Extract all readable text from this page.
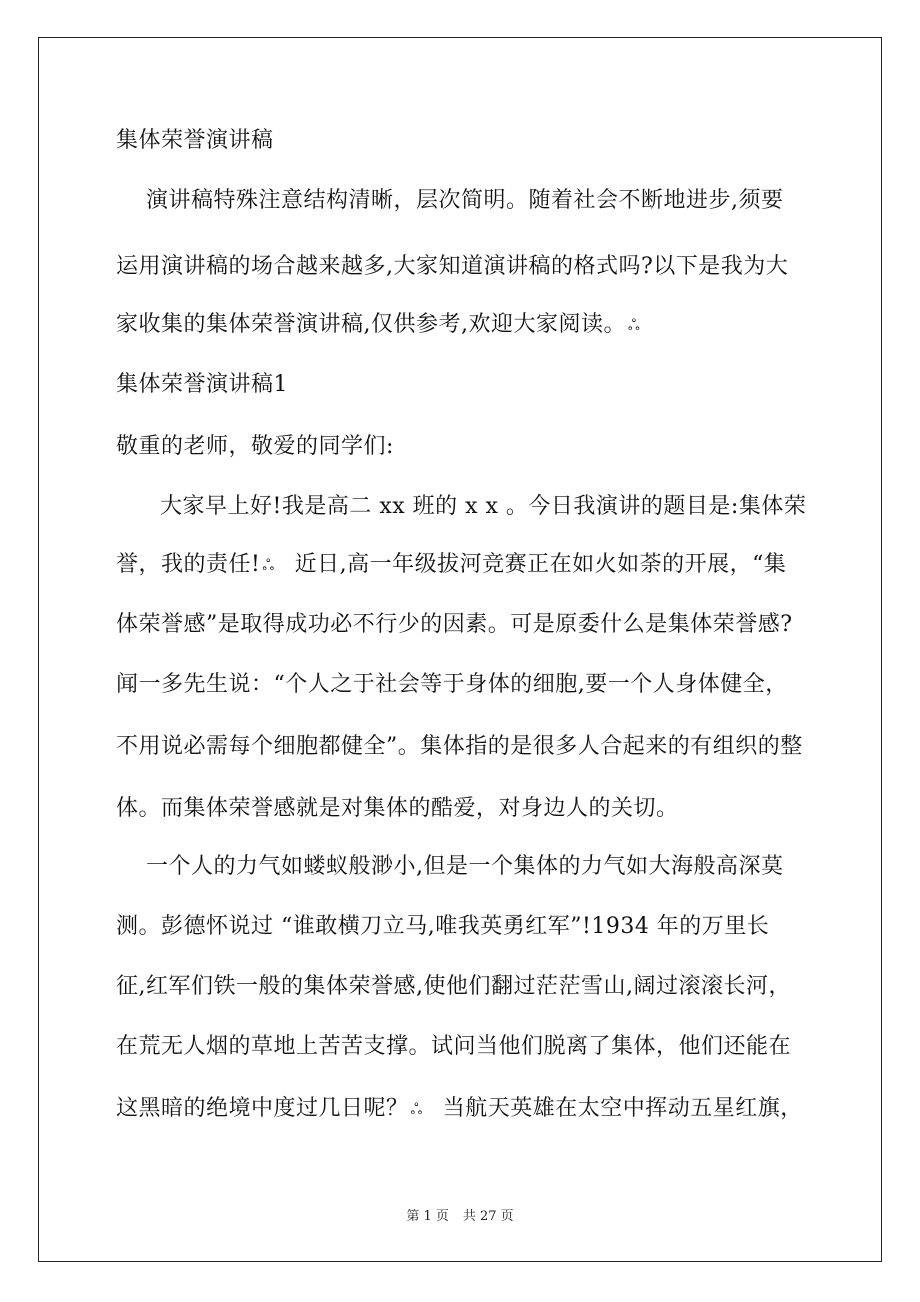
集体荣誉演讲稿
演讲稿特殊注意结构清晰，层次简明。随着社会不断地进步,须要
运用演讲稿的场合越来越多,大家知道演讲稿的格式吗?以下是我为大
家收集的集体荣誉演讲稿,仅供参考,欢迎大家阅读。 ஃ
集体荣誉演讲稿1
敬重的老师，敬爱的同学们:
大家早上好!我是高二 xx 班的 x x 。今日我演讲的题目是:集体荣
誉，我的责任! ஃ 近日,高一年级拔河竞赛正在如火如荼的开展，“集
体荣誉感”是取得成功必不行少的因素。可是原委什么是集体荣誉感?
闻一多先生说：“个人之于社会等于身体的细胞,要一个人身体健全，
不用说必需每个细胞都健全”。集体指的是很多人合起来的有组织的整
体。而集体荣誉感就是对集体的酷爱，对身边人的关切。
一个人的力气如蝼蚁般渺小,但是一个集体的力气如大海般高深莫
测。彭德怀说过 “谁敢横刀立马,唯我英勇红军”!1934 年的万里长
征,红军们铁一般的集体荣誉感,使他们翻过茫茫雪山,阔过滚滚长河，
在荒无人烟的草地上苦苦支撑。试问当他们脱离了集体，他们还能在
这黑暗的绝境中度过几日呢？ ஃ 当航天英雄在太空中挥动五星红旗，
第 1 页 共 27 页
